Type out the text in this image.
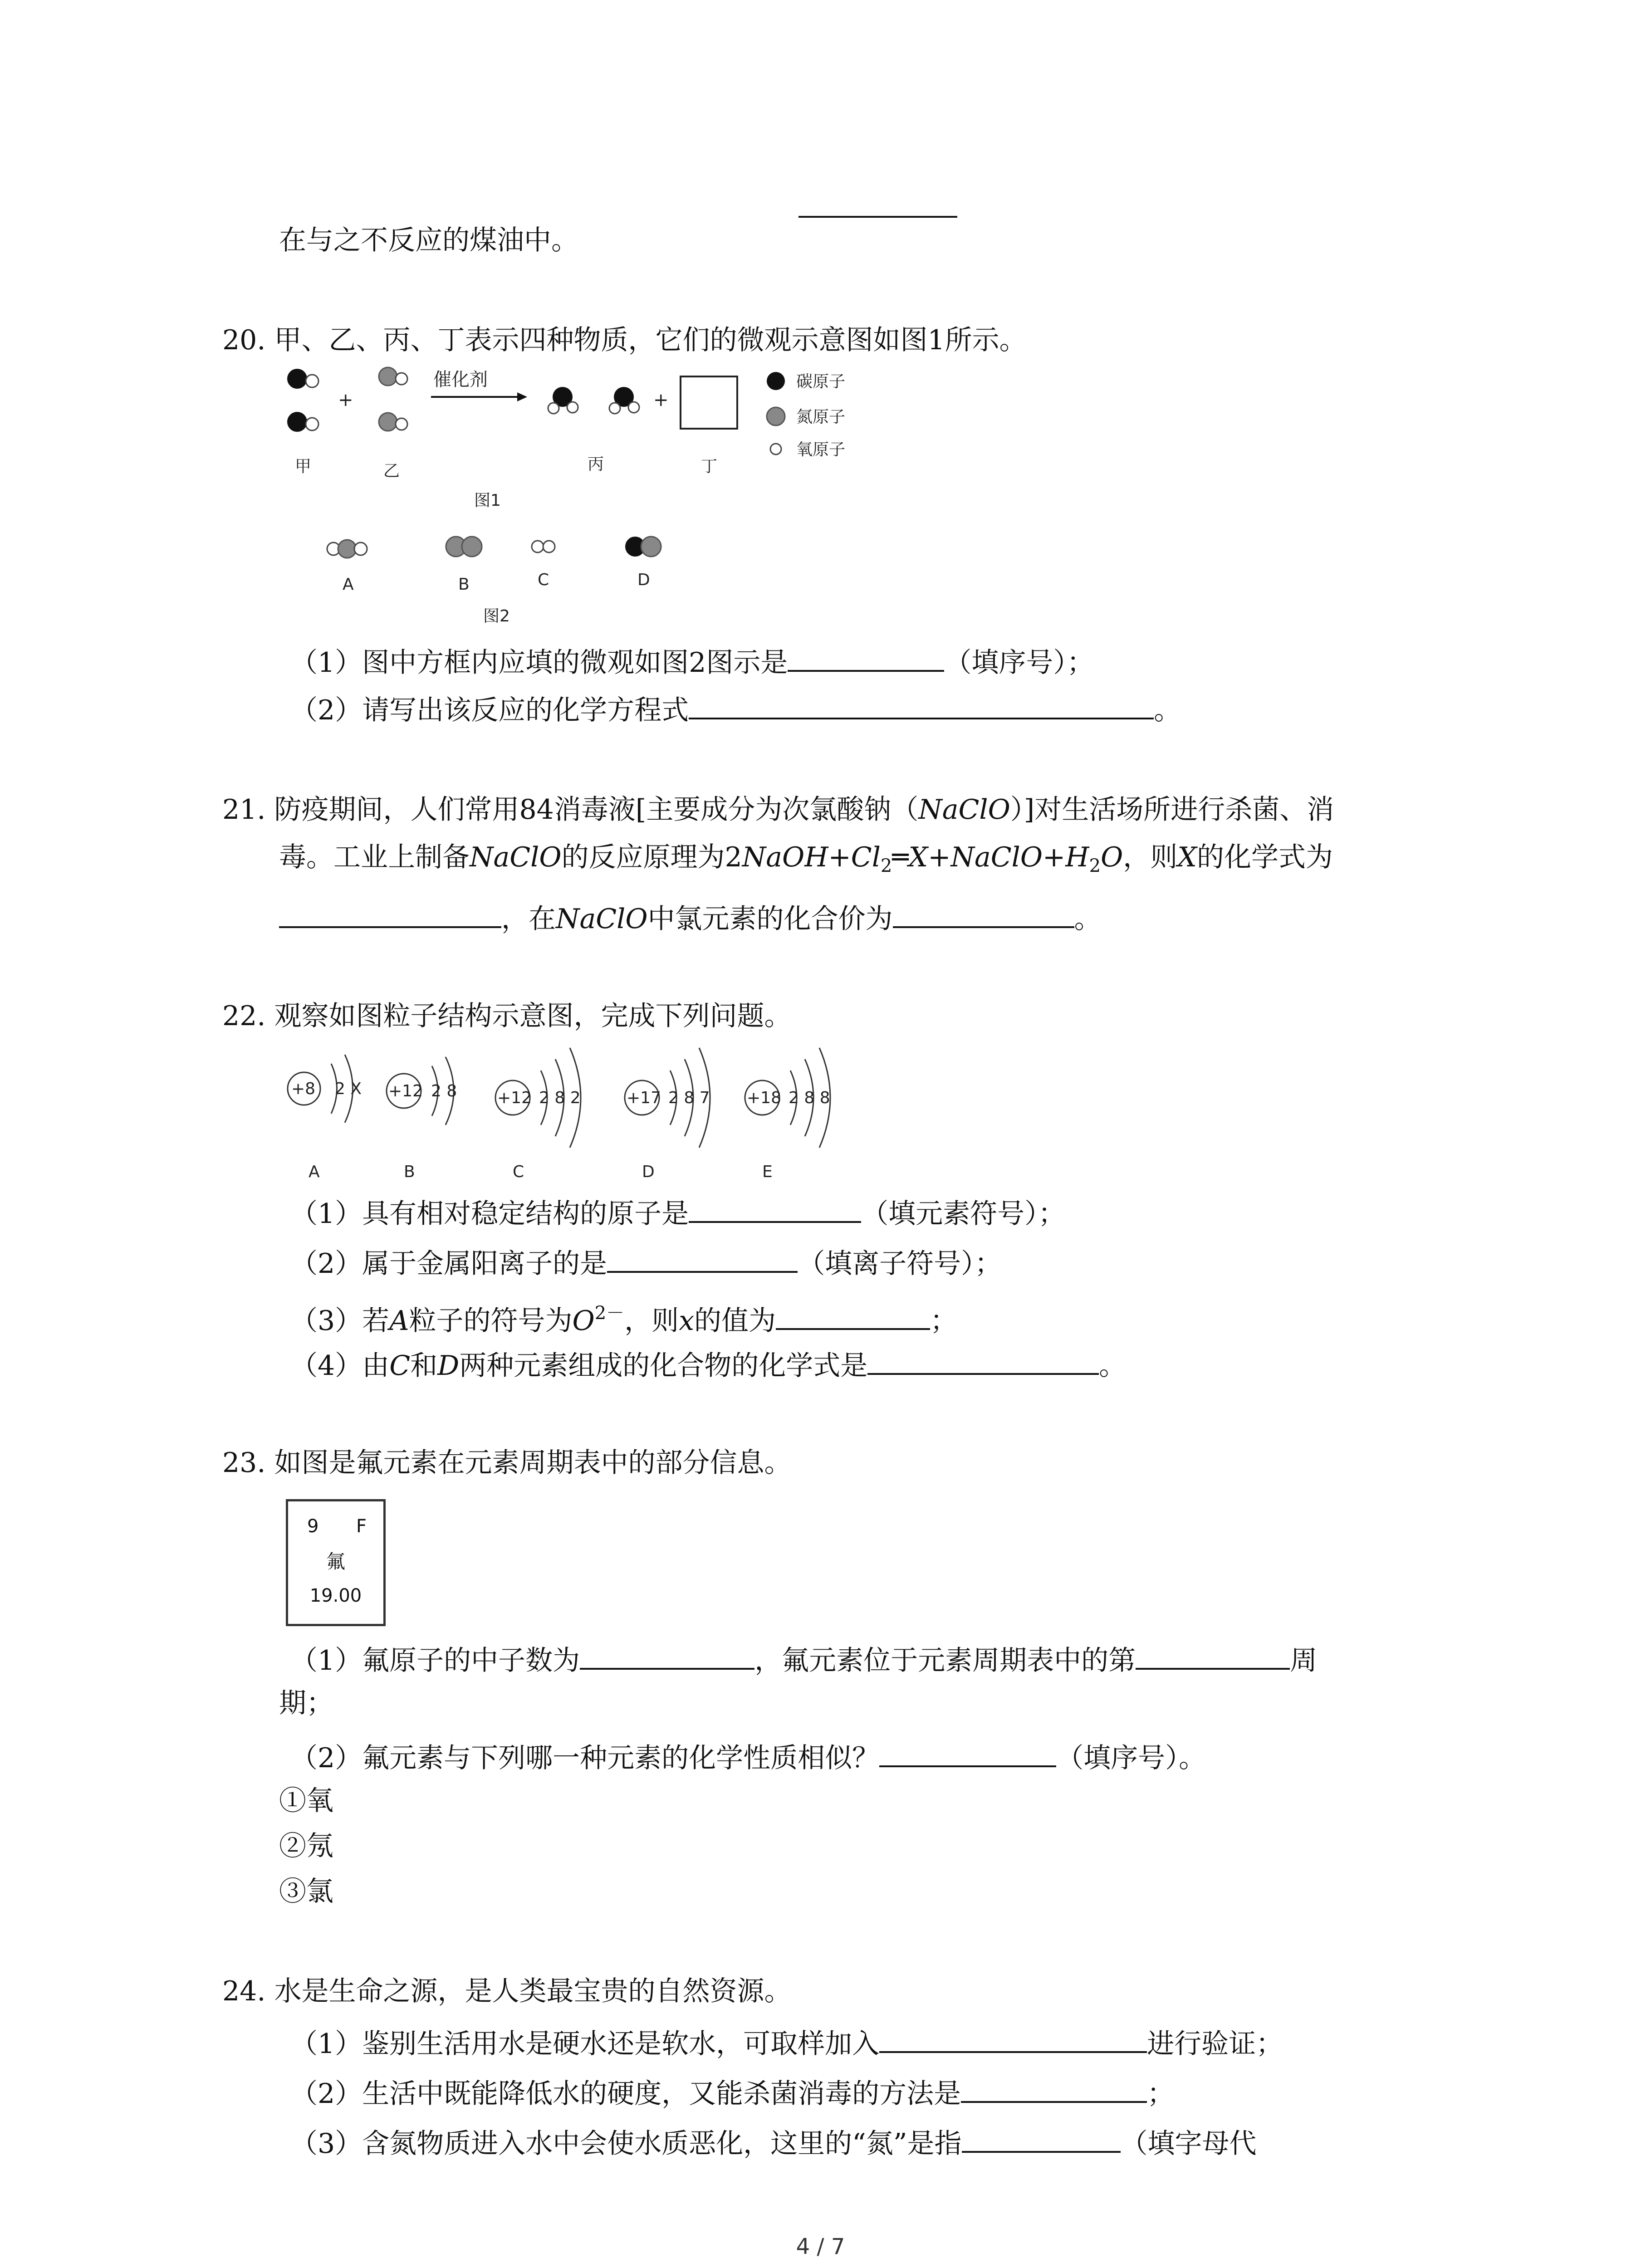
在与之不反应的煤油中。
20. 甲、乙、丙、丁表示四种物质，它们的微观示意图如图1所示。
+
催化剂
+
碳原子
氮原子
氧原子
甲	乙	丙	丁
图1
A	B	C	D
图2
（1）图中方框内应填的微观如图2图示是	（填序号）；
（2）请写出该反应的化学方程式	。
21. 防疫期间，人们常用84消毒液[主要成分为次氯酸钠（NaClO）]对生活场所进行杀菌、消
毒。工业上制备NaClO的反应原理为$2NaOH+Cl_2═X+NaClO+H_2O$，则X的化学式为
，在NaClO中氯元素的化合价为	。
22. 观察如图粒子结构示意图，完成下列问题。
+8 2 X
A
+12 2 8
B
+12 2 8 2
C
+17 2 8 7
D
+18 2 8 8
E
（1）具有相对稳定结构的原子是	（填元素符号）；
（2）属于金属阳离子的是	（填离子符号）；
（3）若A粒子的符号为$O^{2-}$，则x的值为	；
（4）由C和D两种元素组成的化合物的化学式是	。
23. 如图是氟元素在元素周期表中的部分信息。
9 F
氟
19.00
（1）氟原子的中子数为	，氟元素位于元素周期表中的第	周
期；
（2）氟元素与下列哪一种元素的化学性质相似？	（填序号）。
①氧
②氖
③氯
24. 水是生命之源，是人类最宝贵的自然资源。
（1）鉴别生活用水是硬水还是软水，可取样加入	进行验证；
（2）生活中既能降低水的硬度，又能杀菌消毒的方法是	；
（3）含氮物质进入水中会使水质恶化，这里的“氮”是指	（填字母代
4 / 7
